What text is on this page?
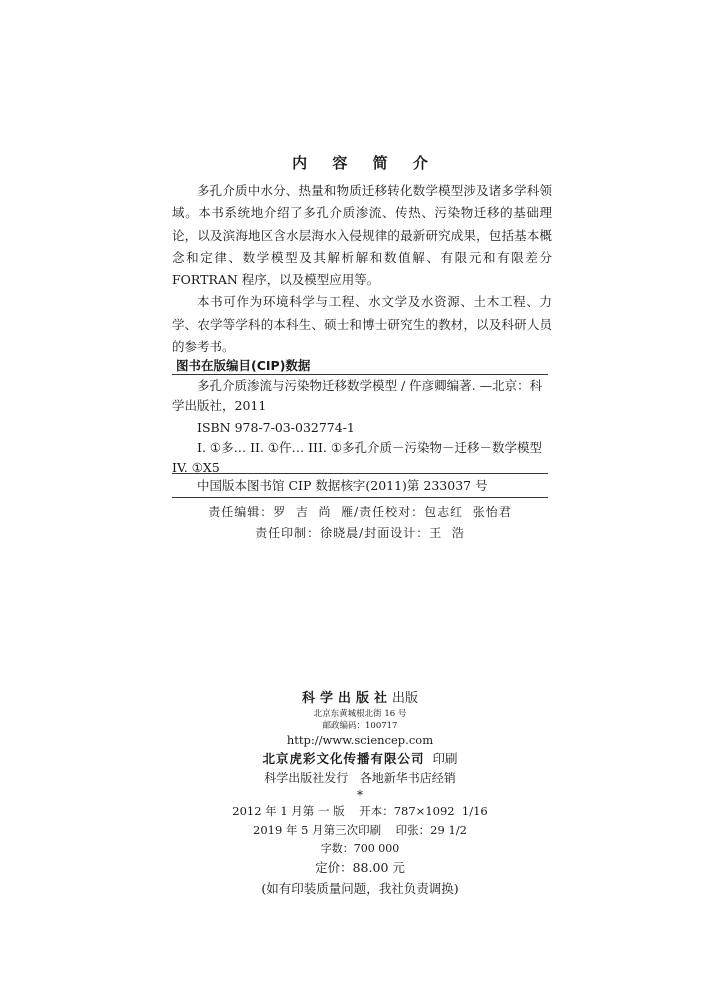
内 容 简 介

多孔介质中水分、热量和物质迁移转化数学模型涉及诸多学科领域。本书系统地介绍了多孔介质渗流、传热、污染物迁移的基础理论，以及滨海地区含水层海水入侵规律的最新研究成果，包括基本概念和定律、数学模型及其解析解和数值解、有限元和有限差分 FORTRAN 程序，以及模型应用等。

本书可作为环境科学与工程、水文学及水资源、土木工程、力学、农学等学科的本科生、硕士和博士研究生的教材，以及科研人员的参考书。

图书在版编目(CIP)数据

多孔介质渗流与污染物迁移数学模型 / 仵彦卿编著. —北京：科学出版社，2011

ISBN 978-7-03-032774-1

I. ①多… II. ①仵… III. ①多孔介质－污染物－迁移－数学模型 IV. ①X5

中国版本图书馆 CIP 数据核字(2011)第 233037 号

责任编辑：罗  吉  尚  雁/责任校对：包志红  张怡君
责任印制：徐晓晨/封面设计：王  浩
科学出版社出版
北京东黄城根北街 16 号
邮政编码：100717
http://www.sciencep.com
北京虎彩文化传播有限公司 印刷
科学出版社发行   各地新华书店经销
*
2012 年 1 月第 一 版    开本：787×1092  1/16
2019 年 5 月第三次印刷    印张：29 1/2
字数：700 000
定价：88.00 元
(如有印装质量问题，我社负责调换)
